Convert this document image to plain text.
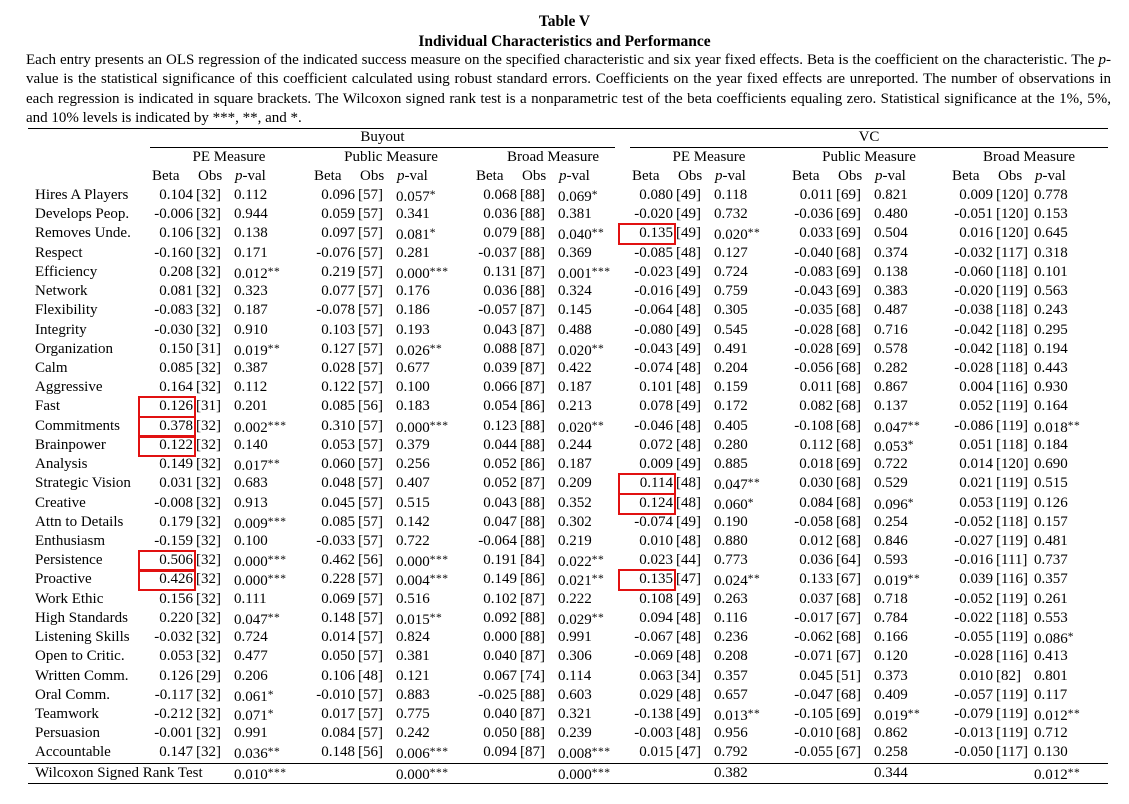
Table V
Individual Characteristics and Performance
Each entry presents an OLS regression of the indicated success measure on the specified characteristic and six year fixed effects. Beta is the coefficient on the characteristic. The p-value is the statistical significance of this coefficient calculated using robust standard errors. Coefficients on the year fixed effects are unreported. The number of observations in each regression is indicated in square brackets. The Wilcoxon signed rank test is a nonparametric test of the beta coefficients equaling zero. Statistical significance at the 1%, 5%, and 10% levels is indicated by ***, **, and *.
Buyout	VC
PE Measure
Beta Obs p-val
Public Measure
Beta Obs p-val
Broad Measure
Beta Obs p-val
PE Measure
Beta Obs p-val
Public Measure
Beta Obs p-val
Broad Measure
Beta Obs p-val
Hires A Players	0.104 [32] 0.112	0.096 [57] 0.057*	0.068 [88] 0.069*	0.080 [49] 0.118	0.011 [69] 0.821	0.009 [120] 0.778
Develops Peop.	-0.006 [32] 0.944	0.059 [57] 0.341	0.036 [88] 0.381	-0.020 [49] 0.732	-0.036 [69] 0.480	-0.051 [120] 0.153
Removes Unde.	0.106 [32] 0.138	0.097 [57] 0.081*	0.079 [88] 0.040**	0.135 [49] 0.020**	0.033 [69] 0.504	0.016 [120] 0.645
Respect	-0.160 [32] 0.171	-0.076 [57] 0.281	-0.037 [88] 0.369	-0.085 [48] 0.127	-0.040 [68] 0.374	-0.032 [117] 0.318
Efficiency	0.208 [32] 0.012**	0.219 [57] 0.000***	0.131 [87] 0.001***	-0.023 [49] 0.724	-0.083 [69] 0.138	-0.060 [118] 0.101
Network	0.081 [32] 0.323	0.077 [57] 0.176	0.036 [88] 0.324	-0.016 [49] 0.759	-0.043 [69] 0.383	-0.020 [119] 0.563
Flexibility	-0.083 [32] 0.187	-0.078 [57] 0.186	-0.057 [87] 0.145	-0.064 [48] 0.305	-0.035 [68] 0.487	-0.038 [118] 0.243
Integrity	-0.030 [32] 0.910	0.103 [57] 0.193	0.043 [87] 0.488	-0.080 [49] 0.545	-0.028 [68] 0.716	-0.042 [118] 0.295
Organization	0.150 [31] 0.019**	0.127 [57] 0.026**	0.088 [87] 0.020**	-0.043 [49] 0.491	-0.028 [69] 0.578	-0.042 [118] 0.194
Calm	0.085 [32] 0.387	0.028 [57] 0.677	0.039 [87] 0.422	-0.074 [48] 0.204	-0.056 [68] 0.282	-0.028 [118] 0.443
Aggressive	0.164 [32] 0.112	0.122 [57] 0.100	0.066 [87] 0.187	0.101 [48] 0.159	0.011 [68] 0.867	0.004 [116] 0.930
Fast	0.126 [31] 0.201	0.085 [56] 0.183	0.054 [86] 0.213	0.078 [49] 0.172	0.082 [68] 0.137	0.052 [119] 0.164
Commitments	0.378 [32] 0.002***	0.310 [57] 0.000***	0.123 [88] 0.020**	-0.046 [48] 0.405	-0.108 [68] 0.047**	-0.086 [119] 0.018**
Brainpower	0.122 [32] 0.140	0.053 [57] 0.379	0.044 [88] 0.244	0.072 [48] 0.280	0.112 [68] 0.053*	0.051 [118] 0.184
Analysis	0.149 [32] 0.017**	0.060 [57] 0.256	0.052 [86] 0.187	0.009 [49] 0.885	0.018 [69] 0.722	0.014 [120] 0.690
Strategic Vision	0.031 [32] 0.683	0.048 [57] 0.407	0.052 [87] 0.209	0.114 [48] 0.047**	0.030 [68] 0.529	0.021 [119] 0.515
Creative	-0.008 [32] 0.913	0.045 [57] 0.515	0.043 [88] 0.352	0.124 [48] 0.060*	0.084 [68] 0.096*	0.053 [119] 0.126
Attn to Details	0.179 [32] 0.009***	0.085 [57] 0.142	0.047 [88] 0.302	-0.074 [49] 0.190	-0.058 [68] 0.254	-0.052 [118] 0.157
Enthusiasm	-0.159 [32] 0.100	-0.033 [57] 0.722	-0.064 [88] 0.219	0.010 [48] 0.880	0.012 [68] 0.846	-0.027 [119] 0.481
Persistence	0.506 [32] 0.000***	0.462 [56] 0.000***	0.191 [84] 0.022**	0.023 [44] 0.773	0.036 [64] 0.593	-0.016 [111] 0.737
Proactive	0.426 [32] 0.000***	0.228 [57] 0.004***	0.149 [86] 0.021**	0.135 [47] 0.024**	0.133 [67] 0.019**	0.039 [116] 0.357
Work Ethic	0.156 [32] 0.111	0.069 [57] 0.516	0.102 [87] 0.222	0.108 [49] 0.263	0.037 [68] 0.718	-0.052 [119] 0.261
High Standards	0.220 [32] 0.047**	0.148 [57] 0.015**	0.092 [88] 0.029**	0.094 [48] 0.116	-0.017 [67] 0.784	-0.022 [118] 0.553
Listening Skills	-0.032 [32] 0.724	0.014 [57] 0.824	0.000 [88] 0.991	-0.067 [48] 0.236	-0.062 [68] 0.166	-0.055 [119] 0.086*
Open to Critic.	0.053 [32] 0.477	0.050 [57] 0.381	0.040 [87] 0.306	-0.069 [48] 0.208	-0.071 [67] 0.120	-0.028 [116] 0.413
Written Comm.	0.126 [29] 0.206	0.106 [48] 0.121	0.067 [74] 0.114	0.063 [34] 0.357	0.045 [51] 0.373	0.010 [82] 0.801
Oral Comm.	-0.117 [32] 0.061*	-0.010 [57] 0.883	-0.025 [88] 0.603	0.029 [48] 0.657	-0.047 [68] 0.409	-0.057 [119] 0.117
Teamwork	-0.212 [32] 0.071*	0.017 [57] 0.775	0.040 [87] 0.321	-0.138 [49] 0.013**	-0.105 [69] 0.019**	-0.079 [119] 0.012**
Persuasion	-0.001 [32] 0.991	0.084 [57] 0.242	0.050 [88] 0.239	-0.003 [48] 0.956	-0.010 [68] 0.862	-0.013 [119] 0.712
Accountable	0.147 [32] 0.036**	0.148 [56] 0.006***	0.094 [87] 0.008***	0.015 [47] 0.792	-0.055 [67] 0.258	-0.050 [117] 0.130
Wilcoxon Signed Rank Test 0.010***	0.000***	0.000***	0.382	0.344	0.012**
